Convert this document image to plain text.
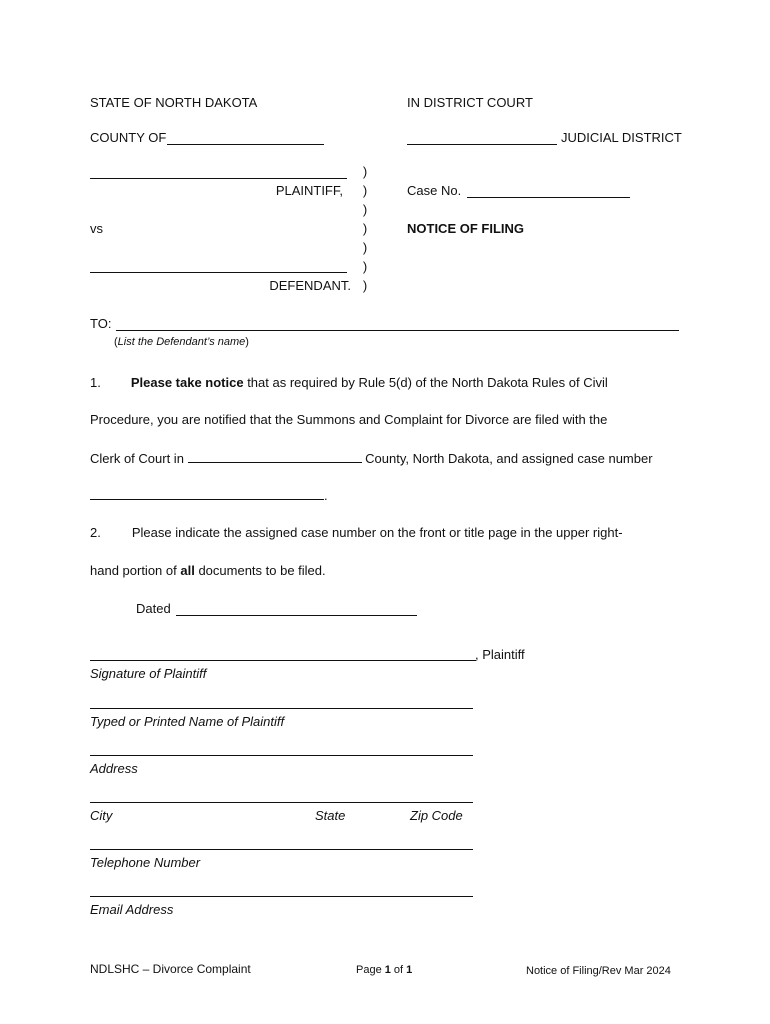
STATE OF NORTH DAKOTA	IN DISTRICT COURT
COUNTY OF	JUDICIAL DISTRICT
PLAINTIFF,
vs
DEFENDANT.
)
)
)
)
)
)
)
Case No.
NOTICE OF FILING
TO:
(List the Defendant’s name)
1. Please take notice that as required by Rule 5(d) of the North Dakota Rules of Civil
Procedure, you are notified that the Summons and Complaint for Divorce are filed with the
Clerk of Court in	County, North Dakota, and assigned case number
.
2. Please indicate the assigned case number on the front or title page in the upper right-
hand portion of all documents to be filed.
Dated
, Plaintiff
Signature of Plaintiff
Typed or Printed Name of Plaintiff
Address
City	State	Zip Code
Telephone Number
Email Address
NDLSHC – Divorce Complaint	Page 1 of 1	Notice of Filing/Rev Mar 2024
